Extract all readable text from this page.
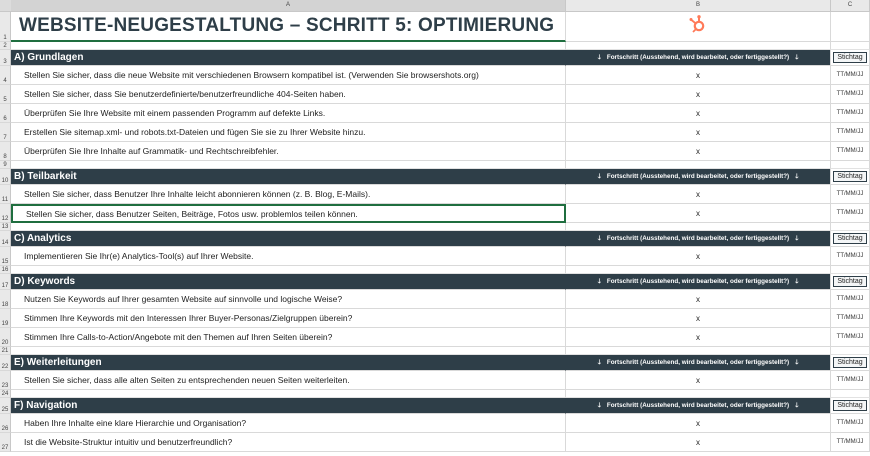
A	B	C
1
WEBSITE-NEUGESTALTUNG – SCHRITT 5: OPTIMIERUNG
2
3 A) Grundlagen	🡓 Fortschritt (Ausstehend, wird bearbeitet, oder fertiggestellt?) 🡓	Stichtag
4
Stellen Sie sicher, dass die neue Website mit verschiedenen Browsern kompatibel ist. (Verwenden Sie browsershots.org)	x	TT/MM/JJ
5
Stellen Sie sicher, dass Sie benutzerdefinierte/benutzerfreundliche 404-Seiten haben.	x	TT/MM/JJ
6
Überprüfen Sie Ihre Website mit einem passenden Programm auf defekte Links.	x	TT/MM/JJ
7
Erstellen Sie sitemap.xml- und robots.txt-Dateien und fügen Sie sie zu Ihrer Website hinzu.	x	TT/MM/JJ
8
Überprüfen Sie Ihre Inhalte auf Grammatik- und Rechtschreibfehler.	x	TT/MM/JJ
9
10 B) Teilbarkeit	🡓 Fortschritt (Ausstehend, wird bearbeitet, oder fertiggestellt?) 🡓	Stichtag
11
Stellen Sie sicher, dass Benutzer Ihre Inhalte leicht abonnieren können (z. B. Blog, E-Mails).	x	TT/MM/JJ
12
Stellen Sie sicher, dass Benutzer Seiten, Beiträge, Fotos usw. problemlos teilen können.	x	TT/MM/JJ
13
14 C) Analytics	🡓 Fortschritt (Ausstehend, wird bearbeitet, oder fertiggestellt?) 🡓	Stichtag
15
Implementieren Sie Ihr(e) Analytics-Tool(s) auf Ihrer Website.	x	TT/MM/JJ
16
17 D) Keywords	🡓 Fortschritt (Ausstehend, wird bearbeitet, oder fertiggestellt?) 🡓	Stichtag
18
Nutzen Sie Keywords auf Ihrer gesamten Website auf sinnvolle und logische Weise?	x	TT/MM/JJ
19
Stimmen Ihre Keywords mit den Interessen Ihrer Buyer-Personas/Zielgruppen überein?	x	TT/MM/JJ
20
Stimmen Ihre Calls-to-Action/Angebote mit den Themen auf Ihren Seiten überein?	x	TT/MM/JJ
21
22 E) Weiterleitungen	🡓 Fortschritt (Ausstehend, wird bearbeitet, oder fertiggestellt?) 🡓	Stichtag
23
Stellen Sie sicher, dass alle alten Seiten zu entsprechenden neuen Seiten weiterleiten.	x	TT/MM/JJ
24
25 F) Navigation	🡓 Fortschritt (Ausstehend, wird bearbeitet, oder fertiggestellt?) 🡓	Stichtag
26
Haben Ihre Inhalte eine klare Hierarchie und Organisation?	x	TT/MM/JJ
27
Ist die Website-Struktur intuitiv und benutzerfreundlich?	x	TT/MM/JJ
